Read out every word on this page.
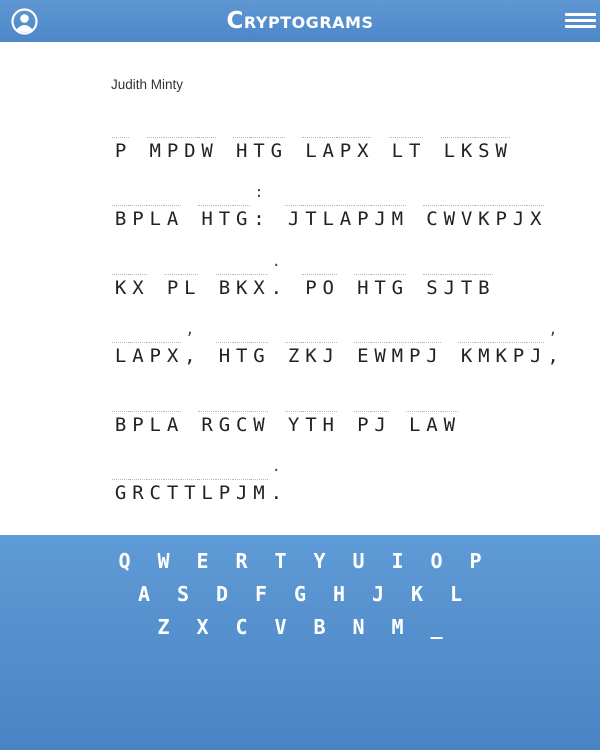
Cryptograms
Judith Minty
P M P D W H T G L A P X L T L K S W
B P L A H T G
:
: J T L A P J M C W V K P J X
K X P L B K X
.
. P O H T G S J T B
L A P X
,
, H T G Z K J E W M P J K M K P J
,
,
B P L A R G C W Y T H P J L A W
G R C T T L P J M
.
.
Q	W	E	R	T	Y	U	I	O	P
A	S	D	F	G	H	J	K	L
Z	X	C	V	B	N	M	_
